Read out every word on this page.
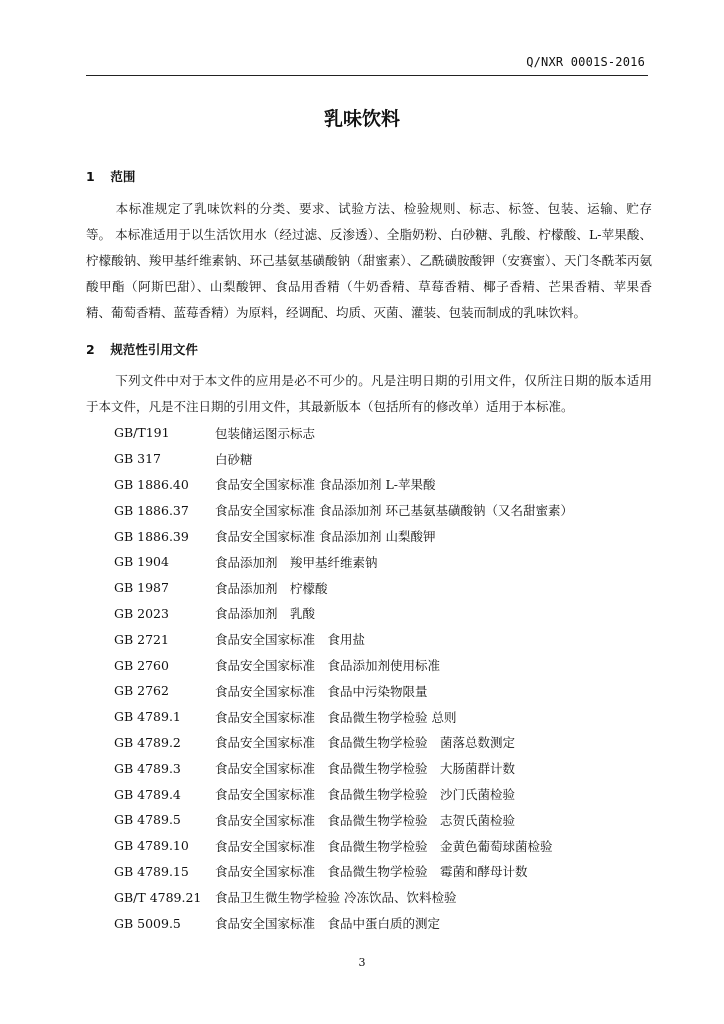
Q/NXR 0001S-2016
乳味饮料
1 范围
本标准规定了乳味饮料的分类、要求、试验方法、检验规则、标志、标签、包装、运输、贮存等。 本标准适用于以生活饮用水（经过滤、反渗透）、全脂奶粉、白砂糖、乳酸、柠檬酸、L-苹果酸、柠檬酸钠、羧甲基纤维素钠、环己基氨基磺酸钠（甜蜜素）、乙酰磺胺酸钾（安赛蜜）、天门冬酰苯丙氨酸甲酯（阿斯巴甜）、山梨酸钾、食品用香精（牛奶香精、草莓香精、椰子香精、芒果香精、苹果香精、葡萄香精、蓝莓香精）为原料，经调配、均质、灭菌、灌装、包装而制成的乳味饮料。
2 规范性引用文件
下列文件中对于本文件的应用是必不可少的。凡是注明日期的引用文件，仅所注日期的版本适用于本文件，凡是不注日期的引用文件，其最新版本（包括所有的修改单）适用于本标准。
GB/T191	包装储运图示标志
GB 317	白砂糖
GB 1886.40	食品安全国家标准 食品添加剂 L-苹果酸
GB 1886.37	食品安全国家标准 食品添加剂 环己基氨基磺酸钠（又名甜蜜素）
GB 1886.39	食品安全国家标准 食品添加剂 山梨酸钾
GB 1904	食品添加剂　羧甲基纤维素钠
GB 1987	食品添加剂　柠檬酸
GB 2023	食品添加剂　乳酸
GB 2721	食品安全国家标准　食用盐
GB 2760	食品安全国家标准　食品添加剂使用标准
GB 2762	食品安全国家标准　食品中污染物限量
GB 4789.1	食品安全国家标准　食品微生物学检验 总则
GB 4789.2	食品安全国家标准　食品微生物学检验　菌落总数测定
GB 4789.3	食品安全国家标准　食品微生物学检验　大肠菌群计数
GB 4789.4	食品安全国家标准　食品微生物学检验　沙门氏菌检验
GB 4789.5	食品安全国家标准　食品微生物学检验　志贺氏菌检验
GB 4789.10	食品安全国家标准　食品微生物学检验　金黄色葡萄球菌检验
GB 4789.15	食品安全国家标准　食品微生物学检验　霉菌和酵母计数
GB/T 4789.21	食品卫生微生物学检验 冷冻饮品、饮料检验
GB 5009.5	食品安全国家标准　食品中蛋白质的测定
3
